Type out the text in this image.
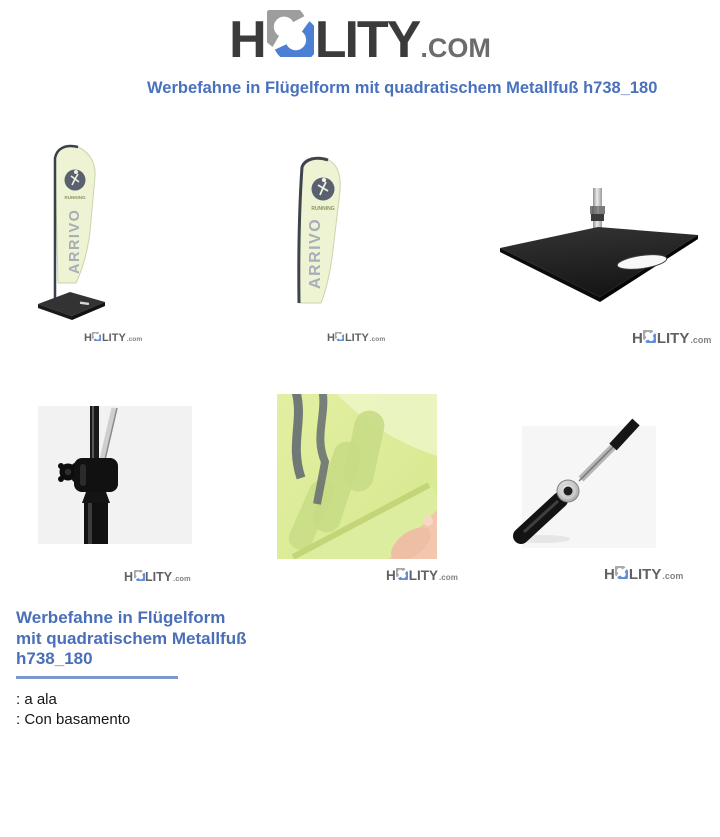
H LITY .COM
Werbefahne in Flügelform mit quadratischem Metallfuß h738_180
RUNNING
ARRIVO	RUNNING
ARRIVO
H LITY .com	H LITY .com	H LITY .com
H LITY .com	H LITY .com	H LITY .com
Werbefahne in Flügelform
mit quadratischem Metallfuß
h738_180
: a ala
: Con basamento
